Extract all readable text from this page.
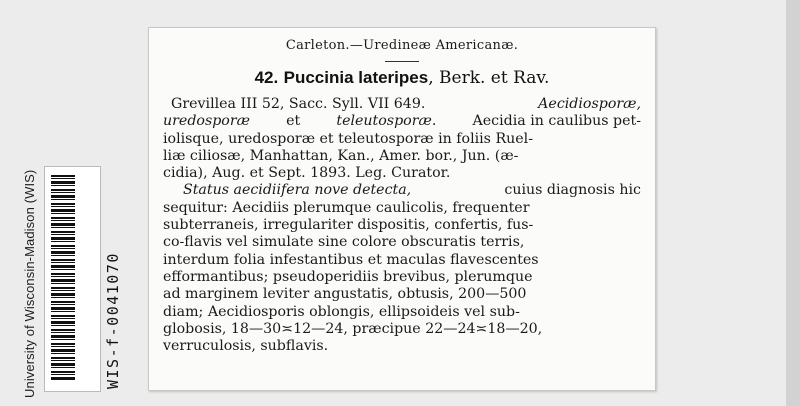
University of Wisconsin-Madison (WIS)	WIS-f-0041070
Carleton.—Uredineæ Americanæ.
42. Puccinia lateripes, Berk. et Rav.
Grevillea III 52, Sacc. Syll. VII 649.	Aecidiosporæ,
uredosporæ	et	teleutosporæ.	Aecidia in caulibus pet-
iolisque, uredosporæ et teleutosporæ in foliis Ruel-
liæ ciliosæ, Manhattan, Kan., Amer. bor., Jun. (æ-
cidia), Aug. et Sept. 1893. Leg. Curator.
Status aecidiifera nove detecta,	cuius diagnosis hic
sequitur: Aecidiis plerumque caulicolis, frequenter
subterraneis, irregulariter dispositis, confertis, fus-
co-flavis vel simulate sine colore obscuratis terris,
interdum folia infestantibus et maculas flavescentes
efformantibus; pseudoperidiis brevibus, plerumque
ad marginem leviter angustatis, obtusis, 200—500
diam; Aecidiosporis oblongis, ellipsoideis vel sub-
globosis, 18—30≍12—24, præcipue 22—24≍18—20,
verruculosis, subflavis.
